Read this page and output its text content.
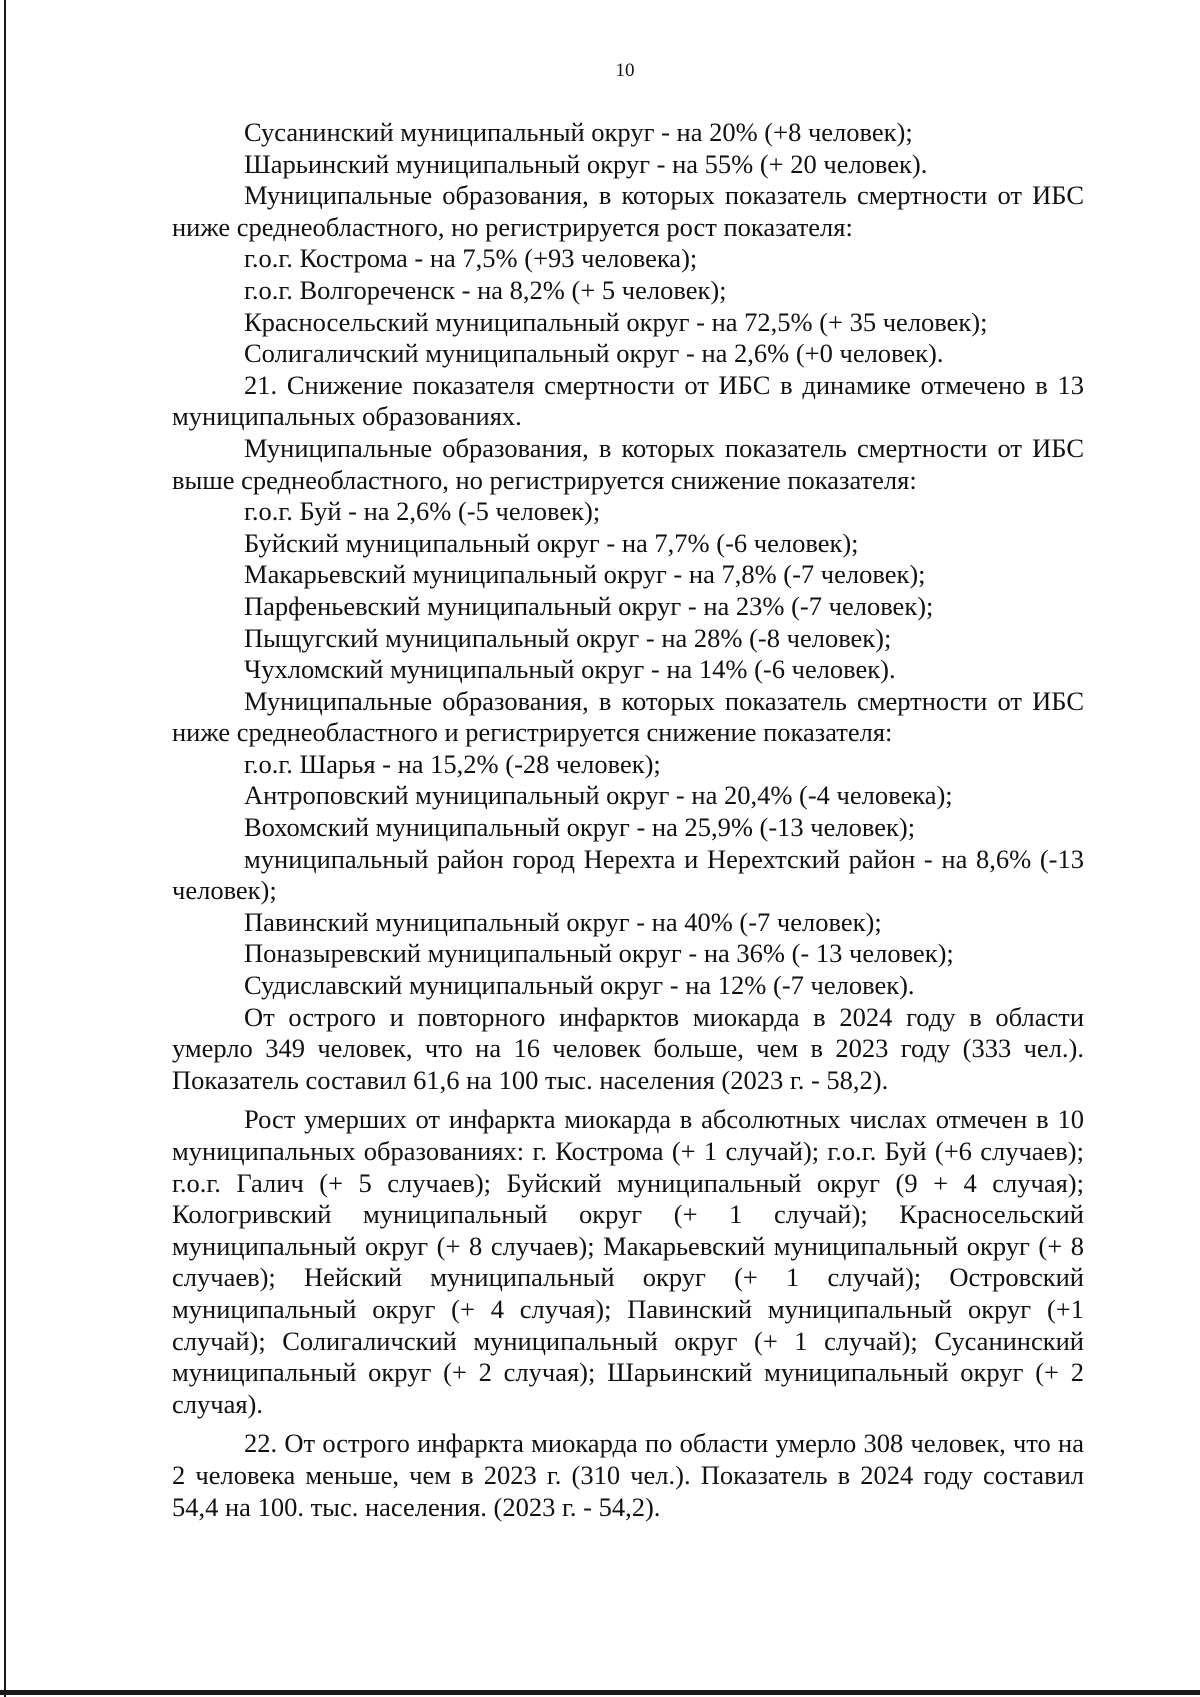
10
Сусанинский муниципальный округ - на 20% (+8 человек);
Шарьинский муниципальный округ - на 55% (+ 20 человек).

Муниципальные образования, в которых показатель смертности от ИБС ниже среднеобластного, но регистрируется рост показателя:

г.о.г. Кострома - на 7,5% (+93 человека);
г.о.г. Волгореченск - на 8,2% (+ 5 человек);
Красносельский муниципальный округ - на 72,5% (+ 35 человек);
Солигаличский муниципальный округ - на 2,6% (+0 человек).

21. Снижение показателя смертности от ИБС в динамике отмечено в 13 муниципальных образованиях.

Муниципальные образования, в которых показатель смертности от ИБС выше среднеобластного, но регистрируется снижение показателя:

г.о.г. Буй - на 2,6% (-5 человек);
Буйский муниципальный округ - на 7,7% (-6 человек);
Макарьевский муниципальный округ - на 7,8% (-7 человек);
Парфеньевский муниципальный округ - на 23% (-7 человек);
Пыщугский муниципальный округ - на 28% (-8 человек);
Чухломский муниципальный округ - на 14% (-6 человек).

Муниципальные образования, в которых показатель смертности от ИБС ниже среднеобластного и регистрируется снижение показателя:

г.о.г. Шарья - на 15,2% (-28 человек);
Антроповский муниципальный округ - на 20,4% (-4 человека);
Вохомский муниципальный округ - на 25,9% (-13 человек);

муниципальный район город Нерехта и Нерехтский район - на 8,6% (-13 человек);

Павинский муниципальный округ - на 40% (-7 человек);
Поназыревский муниципальный округ - на 36% (- 13 человек);
Судиславский муниципальный округ - на 12% (-7 человек).

От острого и повторного инфарктов миокарда в 2024 году в области умерло 349 человек, что на 16 человек больше, чем в 2023 году (333 чел.). Показатель составил 61,6 на 100 тыс. населения (2023 г. - 58,2).

Рост умерших от инфаркта миокарда в абсолютных числах отмечен в 10 муниципальных образованиях: г. Кострома (+ 1 случай); г.о.г. Буй (+6 случаев); г.о.г. Галич (+ 5 случаев); Буйский муниципальный округ (9 + 4 случая); Кологривский муниципальный округ (+ 1 случай); Красносельский муниципальный округ (+ 8 случаев); Макарьевский муниципальный округ (+ 8 случаев); Нейский муниципальный округ (+ 1 случай); Островский муниципальный округ (+ 4 случая); Павинский муниципальный округ (+1 случай); Солигаличский муниципальный округ (+ 1 случай); Сусанинский муниципальный округ (+ 2 случая); Шарьинский муниципальный округ (+ 2 случая).

22. От острого инфаркта миокарда по области умерло 308 человек, что на 2 человека меньше, чем в 2023 г. (310 чел.). Показатель в 2024 году составил 54,4 на 100. тыс. населения. (2023 г. - 54,2).
